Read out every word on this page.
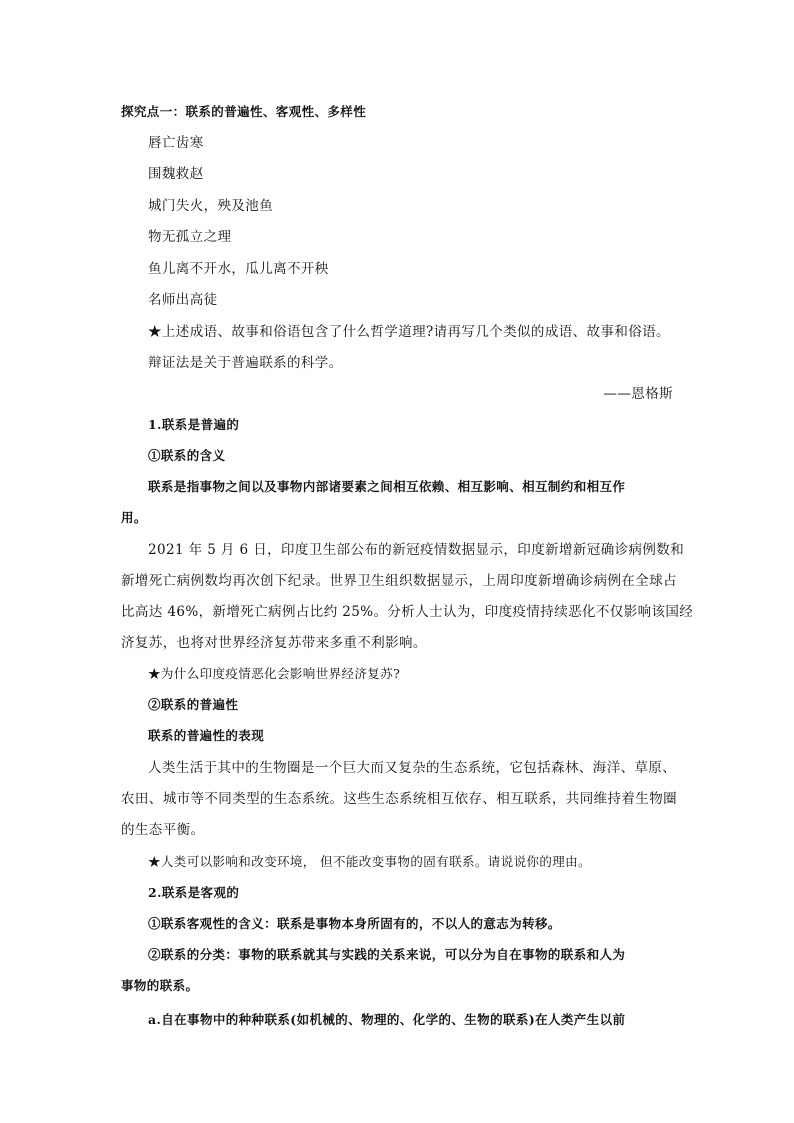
探究点一：联系的普遍性、客观性、多样性
唇亡齿寒
围魏救赵
城门失火，殃及池鱼
物无孤立之理
鱼儿离不开水，瓜儿离不开秧
名师出高徒
★上述成语、故事和俗语包含了什么哲学道理?请再写几个类似的成语、故事和俗语。
辩证法是关于普遍联系的科学。
——恩格斯
1.联系是普遍的
①联系的含义
联系是指事物之间以及事物内部诸要素之间相互依赖、相互影响、相互制约和相互作
用。
2021 年 5 月 6 日，印度卫生部公布的新冠疫情数据显示，印度新增新冠确诊病例数和
新增死亡病例数均再次创下纪录。世界卫生组织数据显示，上周印度新增确诊病例在全球占
比高达 46%，新增死亡病例占比约 25%。分析人士认为，印度疫情持续恶化不仅影响该国经
济复苏，也将对世界经济复苏带来多重不利影响。
★为什么印度疫情恶化会影响世界经济复苏?
②联系的普遍性
联系的普遍性的表现
人类生活于其中的生物圈是一个巨大而又复杂的生态系统，它包括森林、海洋、草原、
农田、城市等不同类型的生态系统。这些生态系统相互依存、相互联系，共同维持着生物圈
的生态平衡。
★人类可以影响和改变环境， 但不能改变事物的固有联系。请说说你的理由。
2.联系是客观的
①联系客观性的含义：联系是事物本身所固有的，不以人的意志为转移。
②联系的分类：事物的联系就其与实践的关系来说，可以分为自在事物的联系和人为
事物的联系。
a.自在事物中的种种联系(如机械的、物理的、化学的、生物的联系)在人类产生以前
